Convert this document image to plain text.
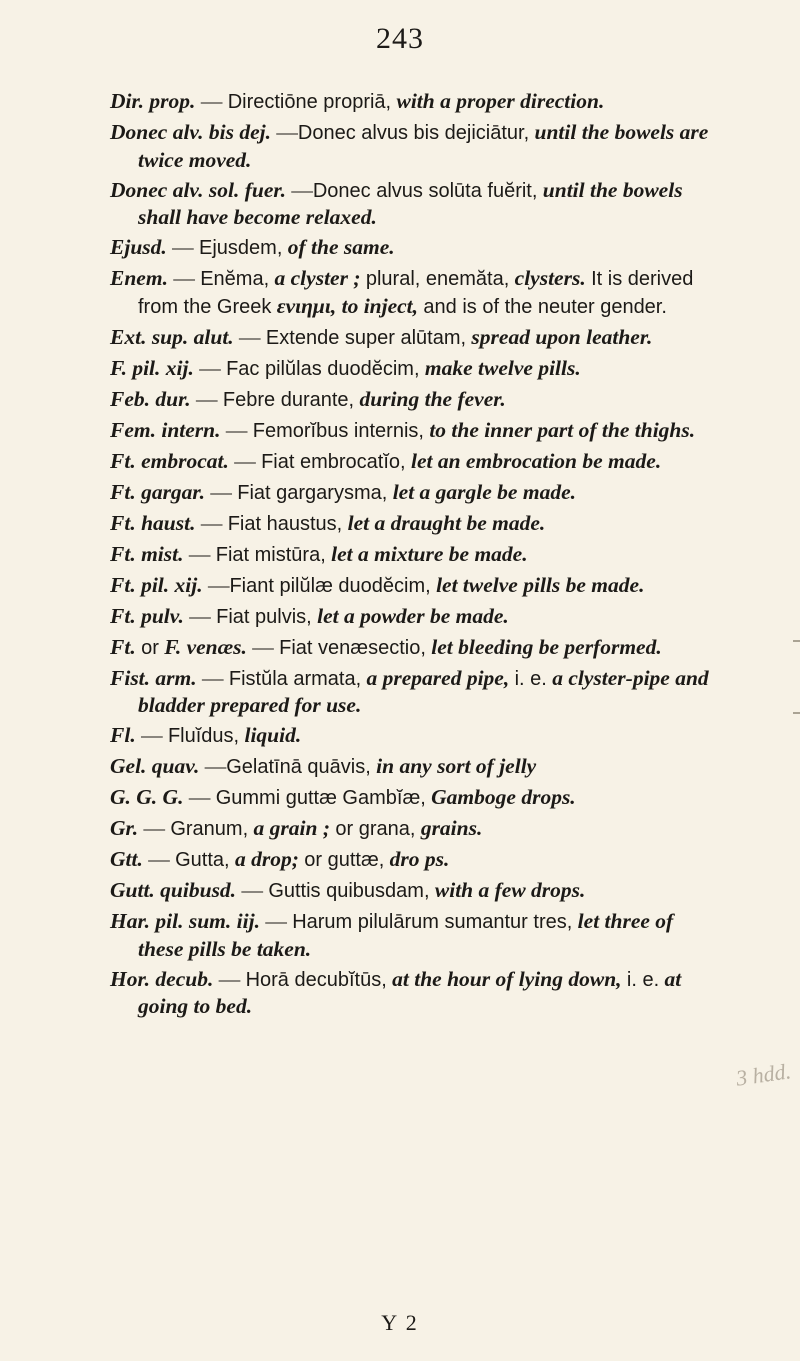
243

Dir. prop. — Directiōne propriā, with a proper direction.

Donec alv. bis dej. —Donec alvus bis dejiciātur, until the bowels are twice moved.

Donec alv. sol. fuer. —Donec alvus solūta fuĕrit, until the bowels shall have become relaxed.

Ejusd. — Ejusdem, of the same.

Enem. — Enĕma, a clyster ; plural, enemăta, clysters. It is derived from the Greek ενιημι, to inject, and is of the neuter gender.

Ext. sup. alut. — Extende super alūtam, spread upon leather.

F. pil. xij. — Fac pilŭlas duodĕcim, make twelve pills.

Feb. dur. — Febre durante, during the fever.

Fem. intern. — Femorĭbus internis, to the inner part of the thighs.

Ft. embrocat. — Fiat embrocatĭo, let an embrocation be made.

Ft. gargar. — Fiat gargarysma, let a gargle be made.

Ft. haust. — Fiat haustus, let a draught be made.

Ft. mist. — Fiat mistūra, let a mixture be made.

Ft. pil. xij. —Fiant pilŭlæ duodĕcim, let twelve pills be made.

Ft. pulv. — Fiat pulvis, let a powder be made.

Ft. or F. venæs. — Fiat venæsectio, let bleeding be performed.

Fist. arm. — Fistŭla armata, a prepared pipe, i. e. a clyster-pipe and bladder prepared for use.

Fl. — Fluĭdus, liquid.

Gel. quav. —Gelatīnā quāvis, in any sort of jelly

G. G. G. — Gummi guttæ Gambĭæ, Gamboge drops.

Gr. — Granum, a grain ; or grana, grains.

Gtt. — Gutta, a drop; or guttæ, dro ps.

Gutt. quibusd. — Guttis quibusdam, with a few drops.

Har. pil. sum. iij. — Harum pilulārum sumantur tres, let three of these pills be taken.

Hor. decub. — Horā decubĭtūs, at the hour of lying down, i. e. at going to bed.

Y 2
3 hdd.
